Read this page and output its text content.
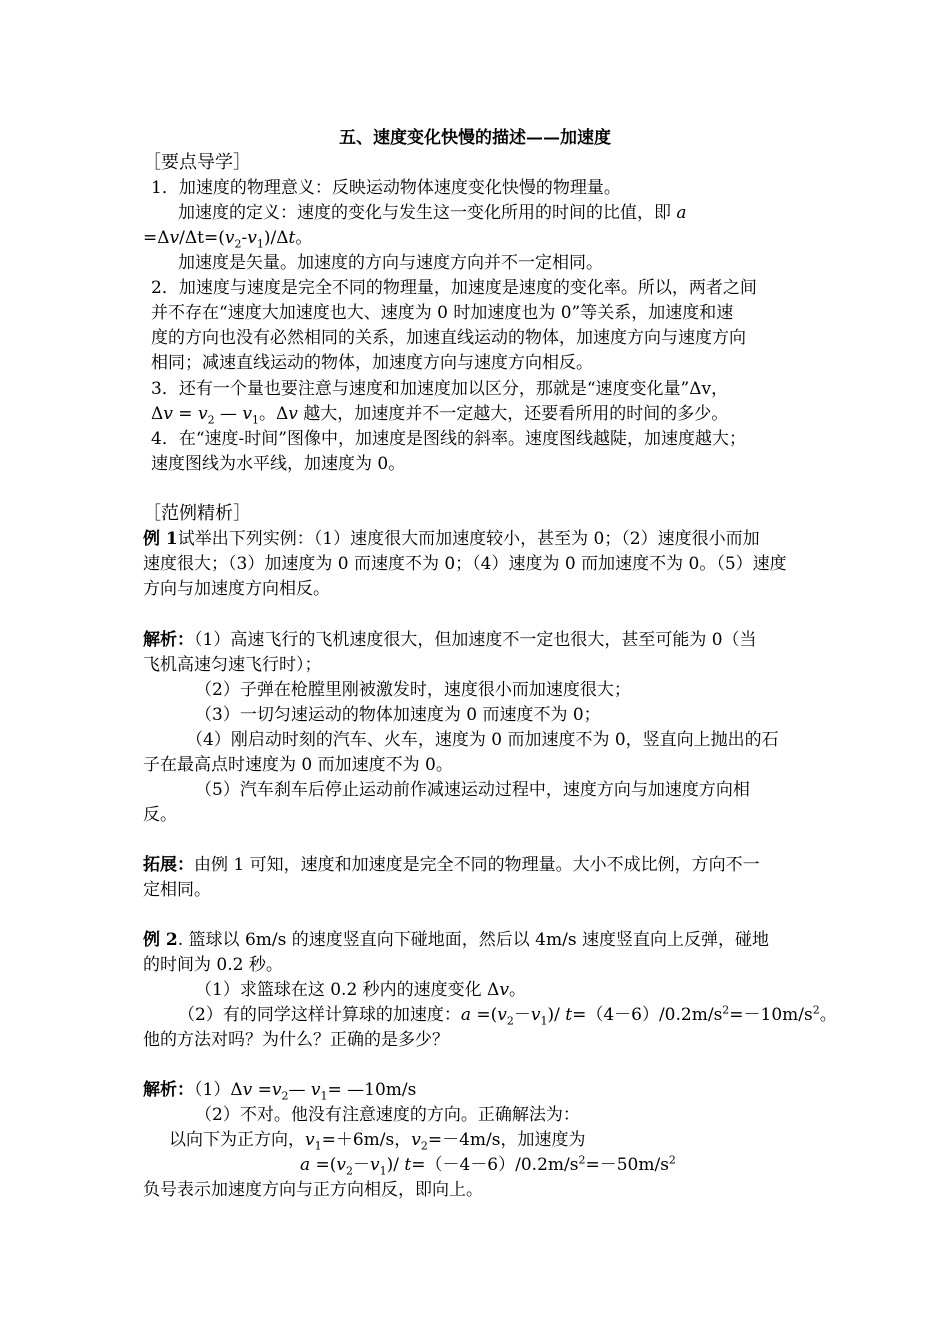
五、速度变化快慢的描述——加速度
［要点导学］
1．加速度的物理意义：反映运动物体速度变化快慢的物理量。
加速度的定义：速度的变化与发生这一变化所用的时间的比值，即 a
$=\Delta v/\Delta t=(v_2-v_1)/\Delta t$。
加速度是矢量。加速度的方向与速度方向并不一定相同。
2．加速度与速度是完全不同的物理量，加速度是速度的变化率。所以，两者之间
并不存在“速度大加速度也大、速度为 0 时加速度也为 0”等关系，加速度和速
度的方向也没有必然相同的关系，加速直线运动的物体，加速度方向与速度方向
相同；减速直线运动的物体，加速度方向与速度方向相反。
3．还有一个量也要注意与速度和加速度加以区分，那就是“速度变化量”Δv，
$\Delta v = v_2$ — $v_1$。Δv 越大，加速度并不一定越大，还要看所用的时间的多少。
4．在“速度-时间”图像中，加速度是图线的斜率。速度图线越陡，加速度越大；
速度图线为水平线，加速度为 0。
［范例精析］
例 1试举出下列实例：（1）速度很大而加速度较小，甚至为 0；（2）速度很小而加
速度很大；（3）加速度为 0 而速度不为 0；（4）速度为 0 而加速度不为 0。（5）速度
方向与加速度方向相反。
解析：（1）高速飞行的飞机速度很大，但加速度不一定也很大，甚至可能为 0（当
飞机高速匀速飞行时）；
（2）子弹在枪膛里刚被激发时，速度很小而加速度很大；
（3）一切匀速运动的物体加速度为 0 而速度不为 0；
（4）刚启动时刻的汽车、火车，速度为 0 而加速度不为 0，竖直向上抛出的石
子在最高点时速度为 0 而加速度不为 0。
（5）汽车刹车后停止运动前作减速运动过程中，速度方向与加速度方向相
反。
拓展：由例 1 可知，速度和加速度是完全不同的物理量。大小不成比例，方向不一
定相同。
例 2. 篮球以 6m/s 的速度竖直向下碰地面，然后以 4m/s 速度竖直向上反弹，碰地
的时间为 0.2 秒。
（1）求篮球在这 0.2 秒内的速度变化 Δv。
（2）有的同学这样计算球的加速度：$a =(v_2-v_1)/$ $t=(4-6)/0.2m/s^2=-10m/s^2$。
他的方法对吗？为什么？正确的是多少？
解析：$(1)\Delta v =v_2—$ $v_1=$ —10m/s
（2）不对。他没有注意速度的方向。正确解法为：
以向下为正方向，$v_1=+6m/s$，$v_2=-4m/s$，加速度为
$a =(v_2-v_1)/$ $t=(-4-6)/0.2m/s^2=-50m/s^2$
负号表示加速度方向与正方向相反，即向上。
